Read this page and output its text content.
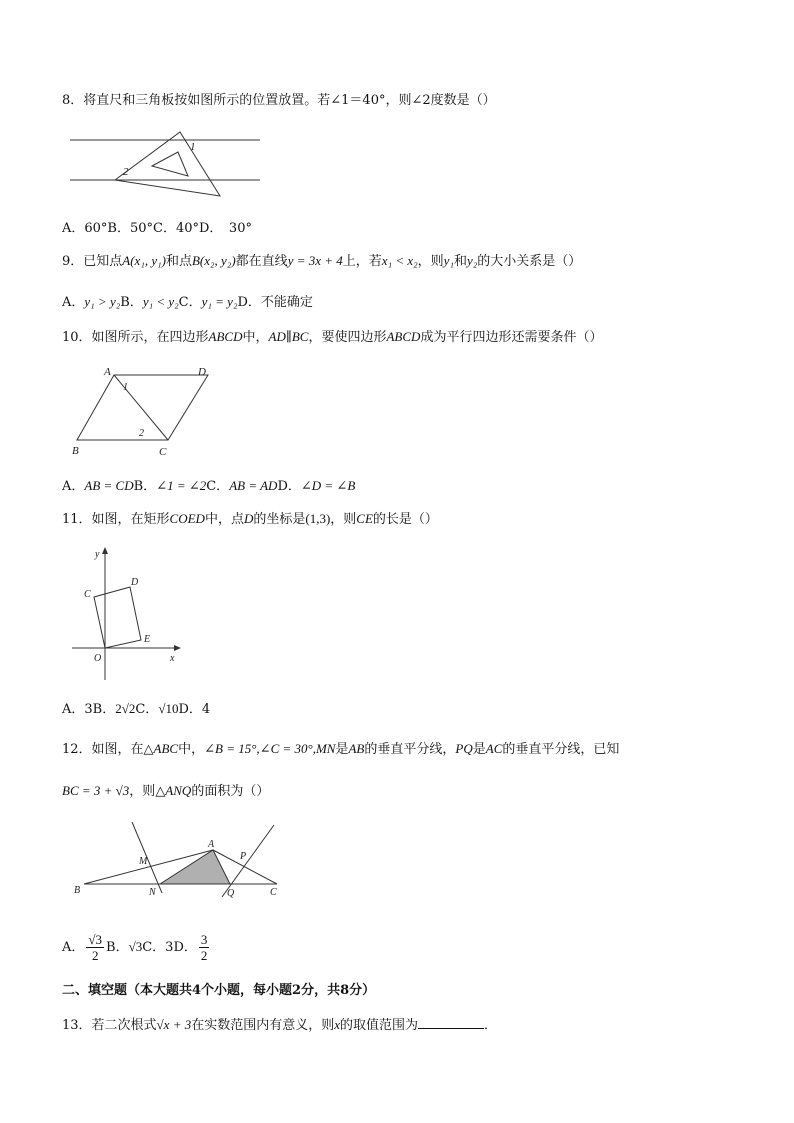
8．将直尺和三角板按如图所示的位置放置。若∠1＝40°，则∠2度数是（）
1
2
A．60°B．50°C．40°D．　30°
9．已知点A(x₁, y₁)和点B(x₂, y₂)都在直线y = 3x + 4上，若x₁ < x₂，则y₁和y₂的大小关系是（）
A．y₁ > y₂B．y₁ < y₂C．y₁ = y₂D．不能确定
10．如图所示，在四边形ABCD中，AD∥BC，要使四边形ABCD成为平行四边形还需要条件（）
A	D
B	C
1
2
A．AB = CDB．∠1 = ∠2C．AB = ADD．∠D = ∠B
11．如图，在矩形COED中，点D的坐标是(1,3)，则CE的长是（）
y
D
C
E
O	x
A．3B．2√2C．√10D．4
12．如图，在△ABC中，∠B = 15°,∠C = 30°,MN是AB的垂直平分线，PQ是AC的垂直平分线，已知
BC = 3 + √3，则△ANQ的面积为（）
A
M	P
B	N	Q	C
A． $\frac{√3}{2}$ B．√3C．3D． $\frac{3}{2}$
二、填空题（本大题共4个小题，每小题2分，共8分）
13．若二次根式√x + 3在实数范围内有意义，则x的取值范围为	．
